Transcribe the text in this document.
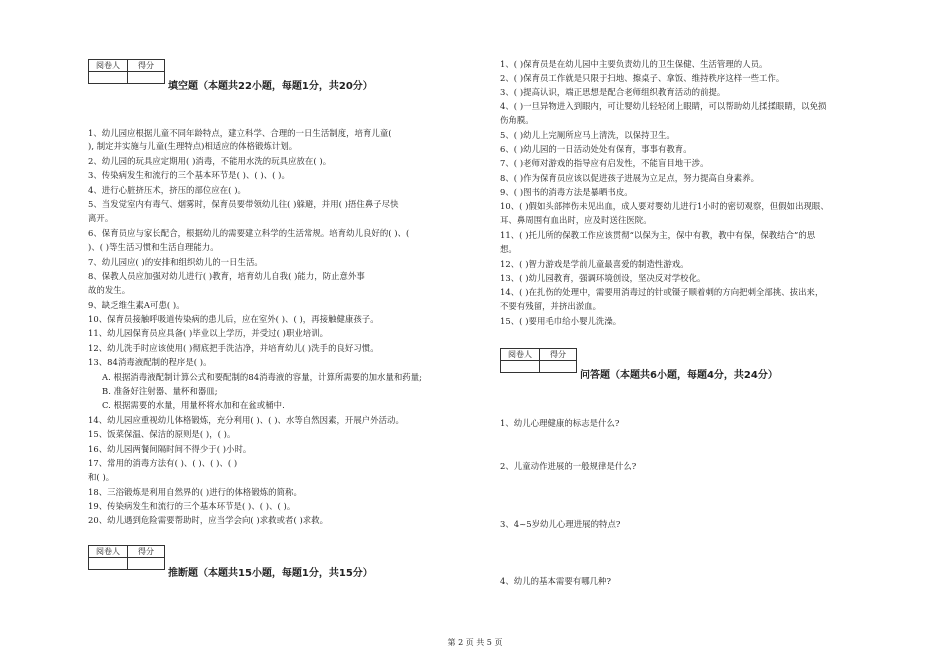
阅卷人	得分

填空题（本题共22小题，每题1分，共20分）
1、幼儿园应根据儿童不同年龄特点，建立科学、合理的一日生活制度，培育儿童(
), 制定并实施与儿童(生理特点)相适应的体格锻炼计划。
2、幼儿园的玩具应定期用( )消毒，不能用水洗的玩具应放在( )。
3、传染病发生和流行的三个基本环节是( )、( )、( )。
4、进行心脏挤压术，挤压的部位应在( )。
5、当发觉室内有毒气、烟雾时，保育员要带领幼儿往( )躲避，并用( )捂住鼻子尽快
离开。
6、保育员应与家长配合，根据幼儿的需要建立科学的生活常规。培育幼儿良好的( )、(
)、( )等生活习惯和生活自理能力。
7、幼儿园应( )的安排和组织幼儿的一日生活。
8、保教人员应加强对幼儿进行( )教育，培育幼儿自我( )能力，防止意外事
故的发生。
9、缺乏维生素A可患( )。
10、保育员接触呼吸道传染病的患儿后，应在室外( )、( )，再接触健康孩子。
11、幼儿园保育员应具备( )毕业以上学历，并受过( )职业培训。
12、幼儿洗手时应该使用( )彻底把手洗洁净，并培育幼儿( )洗手的良好习惯。
13、84消毒液配制的程序是( )。
A. 根据消毒液配制计算公式和要配制的84消毒液的容量，计算所需要的加水量和药量;
B. 准备好注射器、量杯和器皿;
C. 根据需要的水量，用量杯将水加和在盆或桶中.
14、幼儿园应重视幼儿体格锻炼，充分利用( )、( )、水等自然因素，开展户外活动。
15、饭菜保温、保洁的原则是( )，( )。
16、幼儿园两餐间隔时间不得少于( )小时。
17、常用的消毒方法有( )、( )、( )、( )
和( )。
18、三浴锻炼是利用自然界的( )进行的体格锻炼的简称。
19、传染病发生和流行的三个基本环节是( )、( )、( )。
20、幼儿遇到危险需要帮助时，应当学会向( )求救或者( )求救。
阅卷人	得分

推断题（本题共15小题，每题1分，共15分）
1、( )保育员是在幼儿园中主要负责幼儿的卫生保健、生活管理的人员。
2、( )保育员工作就是只限于扫地、擦桌子、拿饭、维持秩序这样一些工作。
3、( )提高认识，端正思想是配合老师组织教育活动的前提。
4、( )一旦异物进入到眼内，可让婴幼儿轻轻闭上眼睛，可以帮助幼儿揉揉眼睛，以免损
伤角膜。
5、( )幼儿上完厕所应马上清洗，以保持卫生。
6、( )幼儿园的一日活动处处有保育，事事有教育。
7、( )老师对游戏的指导应有启发性，不能盲目地干涉。
8、( )作为保育员应该以促进孩子进展为立足点，努力提高自身素养。
9、( )图书的消毒方法是暴晒书皮。
10、( )假如头部摔伤未见出血，成人要对婴幼儿进行1小时的密切观察，但假如出现眼、
耳、鼻周围有血出时，应及时送往医院。
11、( )托儿所的保教工作应该贯彻“以保为主，保中有教，教中有保，保教结合”的思
想。
12、( )智力游戏是学前儿童最喜爱的制造性游戏。
13、( )幼儿园教育，强调环境创设，坚决反对学校化。
14、( )在扎伤的处理中，需要用消毒过的针或镊子顺着刺的方向把刺全部挑、拔出来，
不要有残留，并挤出淤血。
15、( )要用毛巾给小婴儿洗澡。
阅卷人	得分

问答题（本题共6小题，每题4分，共24分）
1、幼儿心理健康的标志是什么?
2、儿童动作进展的一般规律是什么?
3、4~5岁幼儿心理进展的特点?
4、幼儿的基本需要有哪几种?
第 2 页 共 5 页
